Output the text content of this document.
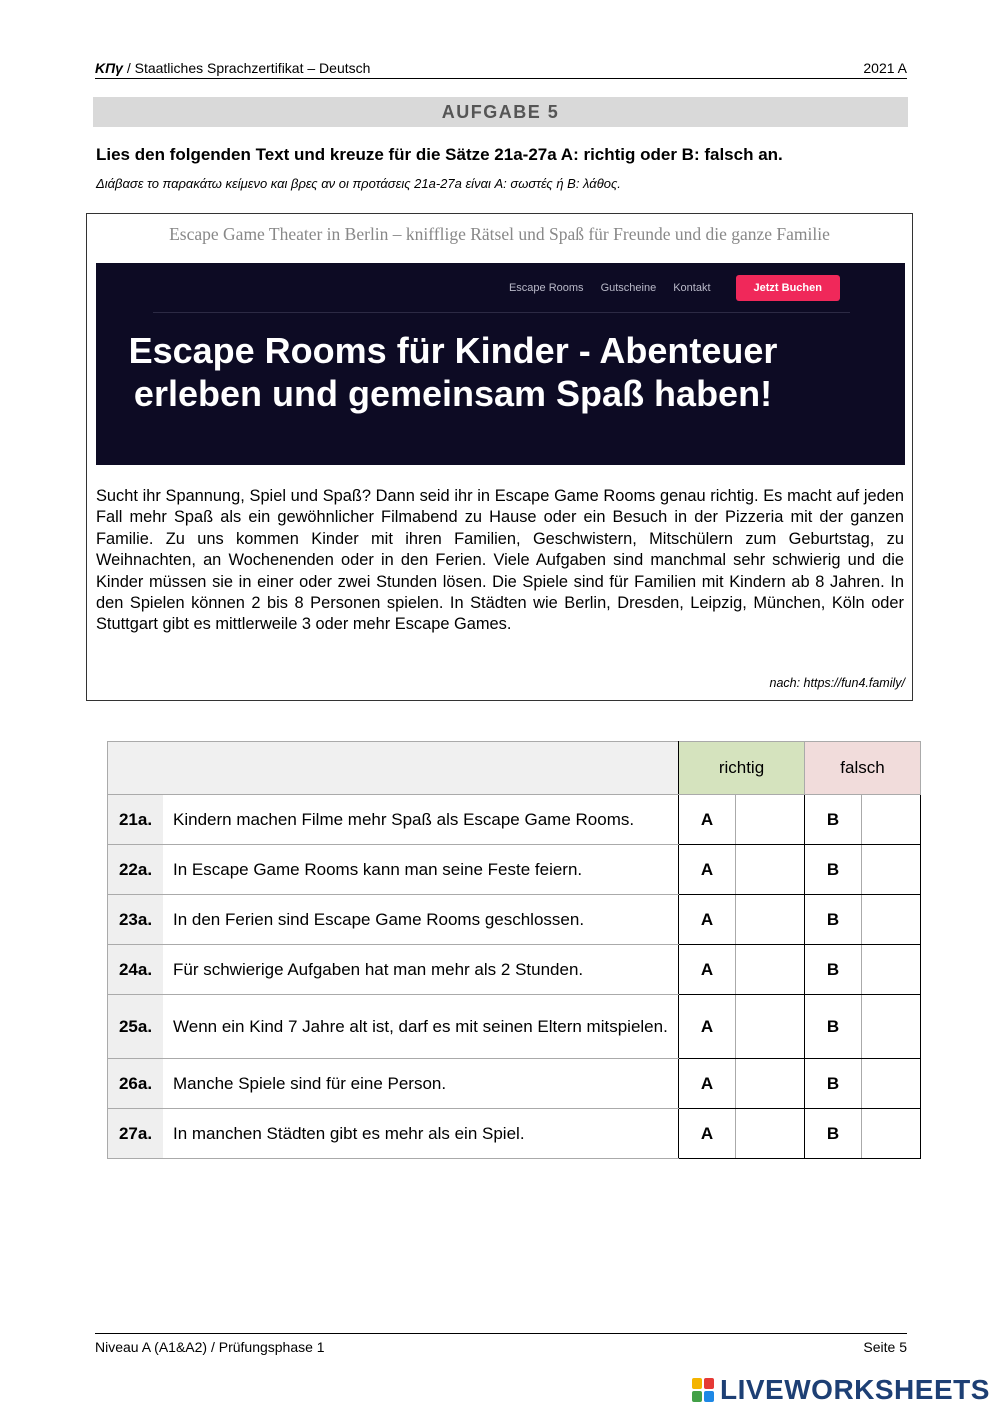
ΚΠγ / Staatliches Sprachzertifikat – Deutsch	2021 A
AUFGABE 5
Lies den folgenden Text und kreuze für die Sätze 21a-27a A: richtig oder B: falsch an.
Διάβασε το παρακάτω κείμενο και βρες αν οι προτάσεις 21a-27a είναι A: σωστές ή B: λάθος.
Escape Game Theater in Berlin – knifflige Rätsel und Spaß für Freunde und die ganze Familie
Escape Rooms Gutscheine Kontakt	Jetzt Buchen
Escape Rooms für Kinder - Abenteuer erleben und gemeinsam Spaß haben!
Sucht ihr Spannung, Spiel und Spaß? Dann seid ihr in Escape Game Rooms genau richtig. Es macht auf jeden Fall mehr Spaß als ein gewöhnlicher Filmabend zu Hause oder ein Besuch in der Pizzeria mit der ganzen Familie. Zu uns kommen Kinder mit ihren Familien, Geschwistern, Mitschülern zum Geburtstag, zu Weihnachten, an Wochenenden oder in den Ferien. Viele Aufgaben sind manchmal sehr schwierig und die Kinder müssen sie in einer oder zwei Stunden lösen. Die Spiele sind für Familien mit Kindern ab 8 Jahren. In den Spielen können 2 bis 8 Personen spielen. In Städten wie Berlin, Dresden, Leipzig, München, Köln oder Stuttgart gibt es mittlerweile 3 oder mehr Escape Games.
nach: https://fun4.family/
		richtig		falsch	
21a.	Kindern machen Filme mehr Spaß als Escape Game Rooms.	A		B	
22a.	In Escape Game Rooms kann man seine Feste feiern.	A		B	
23a.	In den Ferien sind Escape Game Rooms geschlossen.	A		B	
24a.	Für schwierige Aufgaben hat man mehr als 2 Stunden.	A		B	
25a.	Wenn ein Kind 7 Jahre alt ist, darf es mit seinen Eltern mitspielen.	A		B	
26a.	Manche Spiele sind für eine Person.	A		B	
27a.	In manchen Städten gibt es mehr als ein Spiel.	A		B	
Niveau A (A1&A2) / Prüfungsphase 1	Seite 5
LIVEWORKSHEETS
